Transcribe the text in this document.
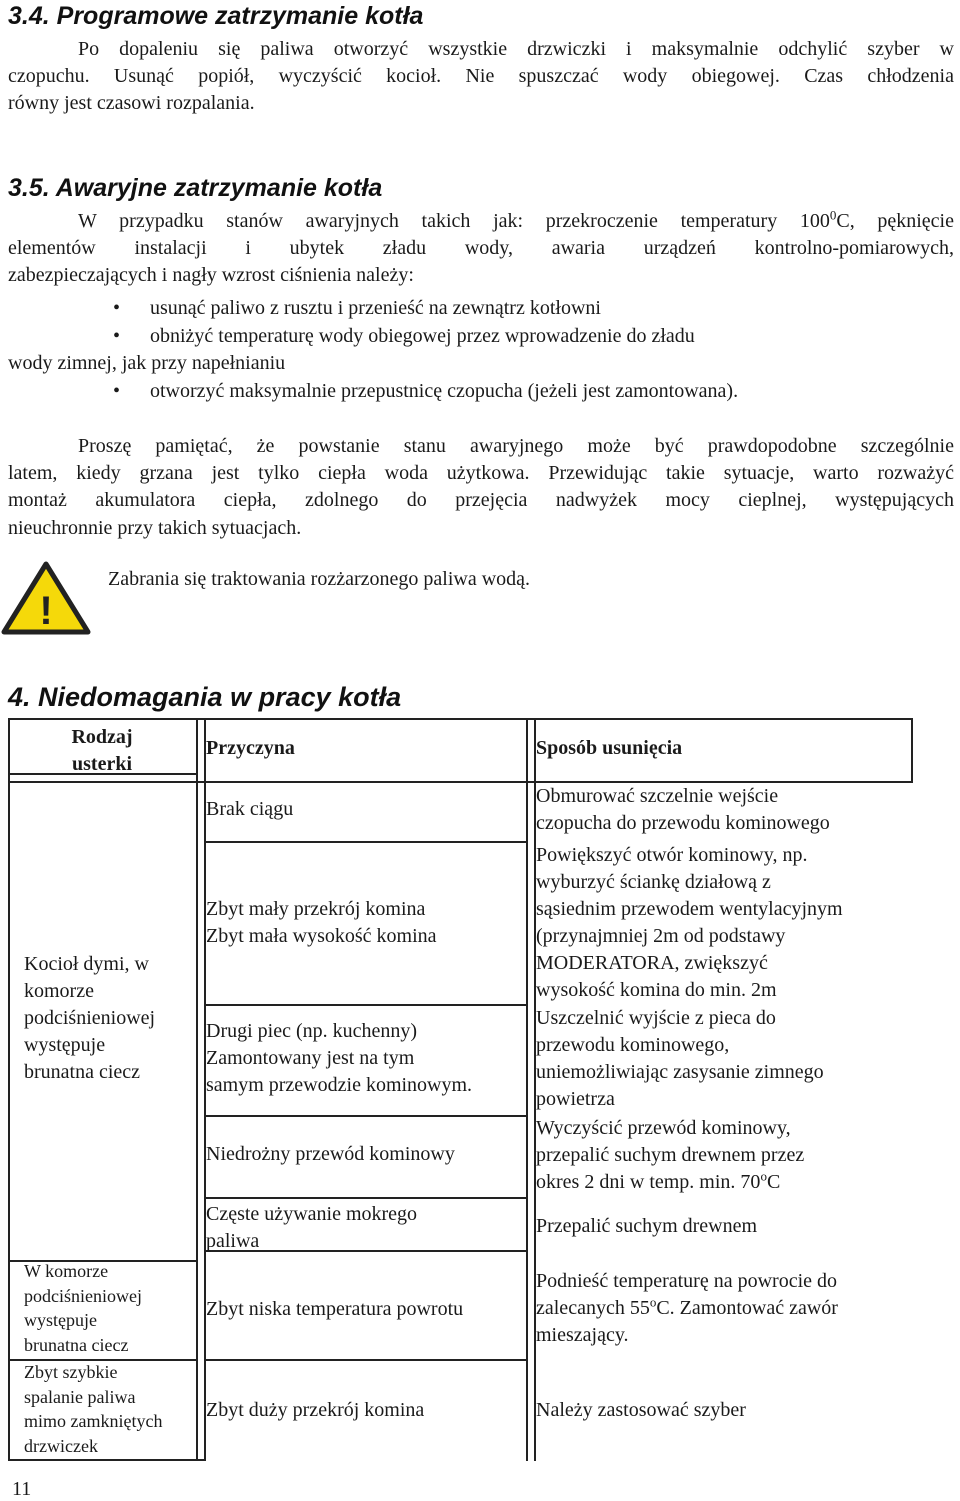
3.4. Programowe zatrzymanie kotła

Po dopaleniu się paliwa otworzyć wszystkie drzwiczki i maksymalnie odchylić szyber w

czopuchu. Usunąć popiół, wyczyścić kocioł. Nie spuszczać wody obiegowej. Czas chłodzenia

równy jest czasowi rozpalania.

3.5. Awaryjne zatrzymanie kotła

W przypadku stanów awaryjnych takich jak: przekroczenie temperatury $100^0C$, pęknięcie

elementów instalacji i ubytek zładu wody, awaria urządzeń kontrolno-pomiarowych,

zabezpieczających i nagły wzrost ciśnienia należy:

• usunąć paliwo z rusztu i przenieść na zewnątrz kotłowni
• obniżyć temperaturę wody obiegowej przez wprowadzenie do zładu
wody zimnej, jak przy napełnianiu
• otworzyć maksymalnie przepustnicę czopucha (jeżeli jest zamontowana).

Proszę pamiętać, że powstanie stanu awaryjnego może być prawdopodobne szczególnie

latem, kiedy grzana jest tylko ciepła woda użytkowa. Przewidując takie sytuacje, warto rozważyć

montaż akumulatora ciepła, zdolnego do przejęcia nadwyżek mocy cieplnej, występujących

nieuchronnie przy takich sytuacjach.

!
Zabrania się traktowania rozżarzonego paliwa wodą.
4. Niedomagania w pracy kotła
Rodzaj
usterki
Przyczyna	Sposób usunięcia
Kocioł dymi, w
komorze
podciśnieniowej
występuje
brunatna ciecz
W komorze
podciśnieniowej
występuje
brunatna ciecz
Zbyt szybkie
spalanie paliwa
mimo zamkniętych
drzwiczek
Brak ciągu
Zbyt mały przekrój komina
Zbyt mała wysokość komina
Drugi piec (np. kuchenny)
Zamontowany jest na tym
samym przewodzie kominowym.
Niedrożny przewód kominowy
Częste używanie mokrego
paliwa
Zbyt niska temperatura powrotu
Zbyt duży przekrój komina
Obmurować szczelnie wejście
czopucha do przewodu kominowego
Powiększyć otwór kominowy, np.
wyburzyć ściankę działową z
sąsiednim przewodem wentylacyjnym
(przynajmniej 2m od podstawy
MODERATORA, zwiększyć
wysokość komina do min. 2m
Uszczelnić wyjście z pieca do
przewodu kominowego,
uniemożliwiając zasysanie zimnego
powietrza
Wyczyścić przewód kominowy,
przepalić suchym drewnem przez
okres 2 dni w temp. min. 70$^o$C
Przepalić suchym drewnem
Podnieść temperaturę na powrocie do
zalecanych 55$^o$C. Zamontować zawór
mieszający.
Należy zastosować szyber
11
